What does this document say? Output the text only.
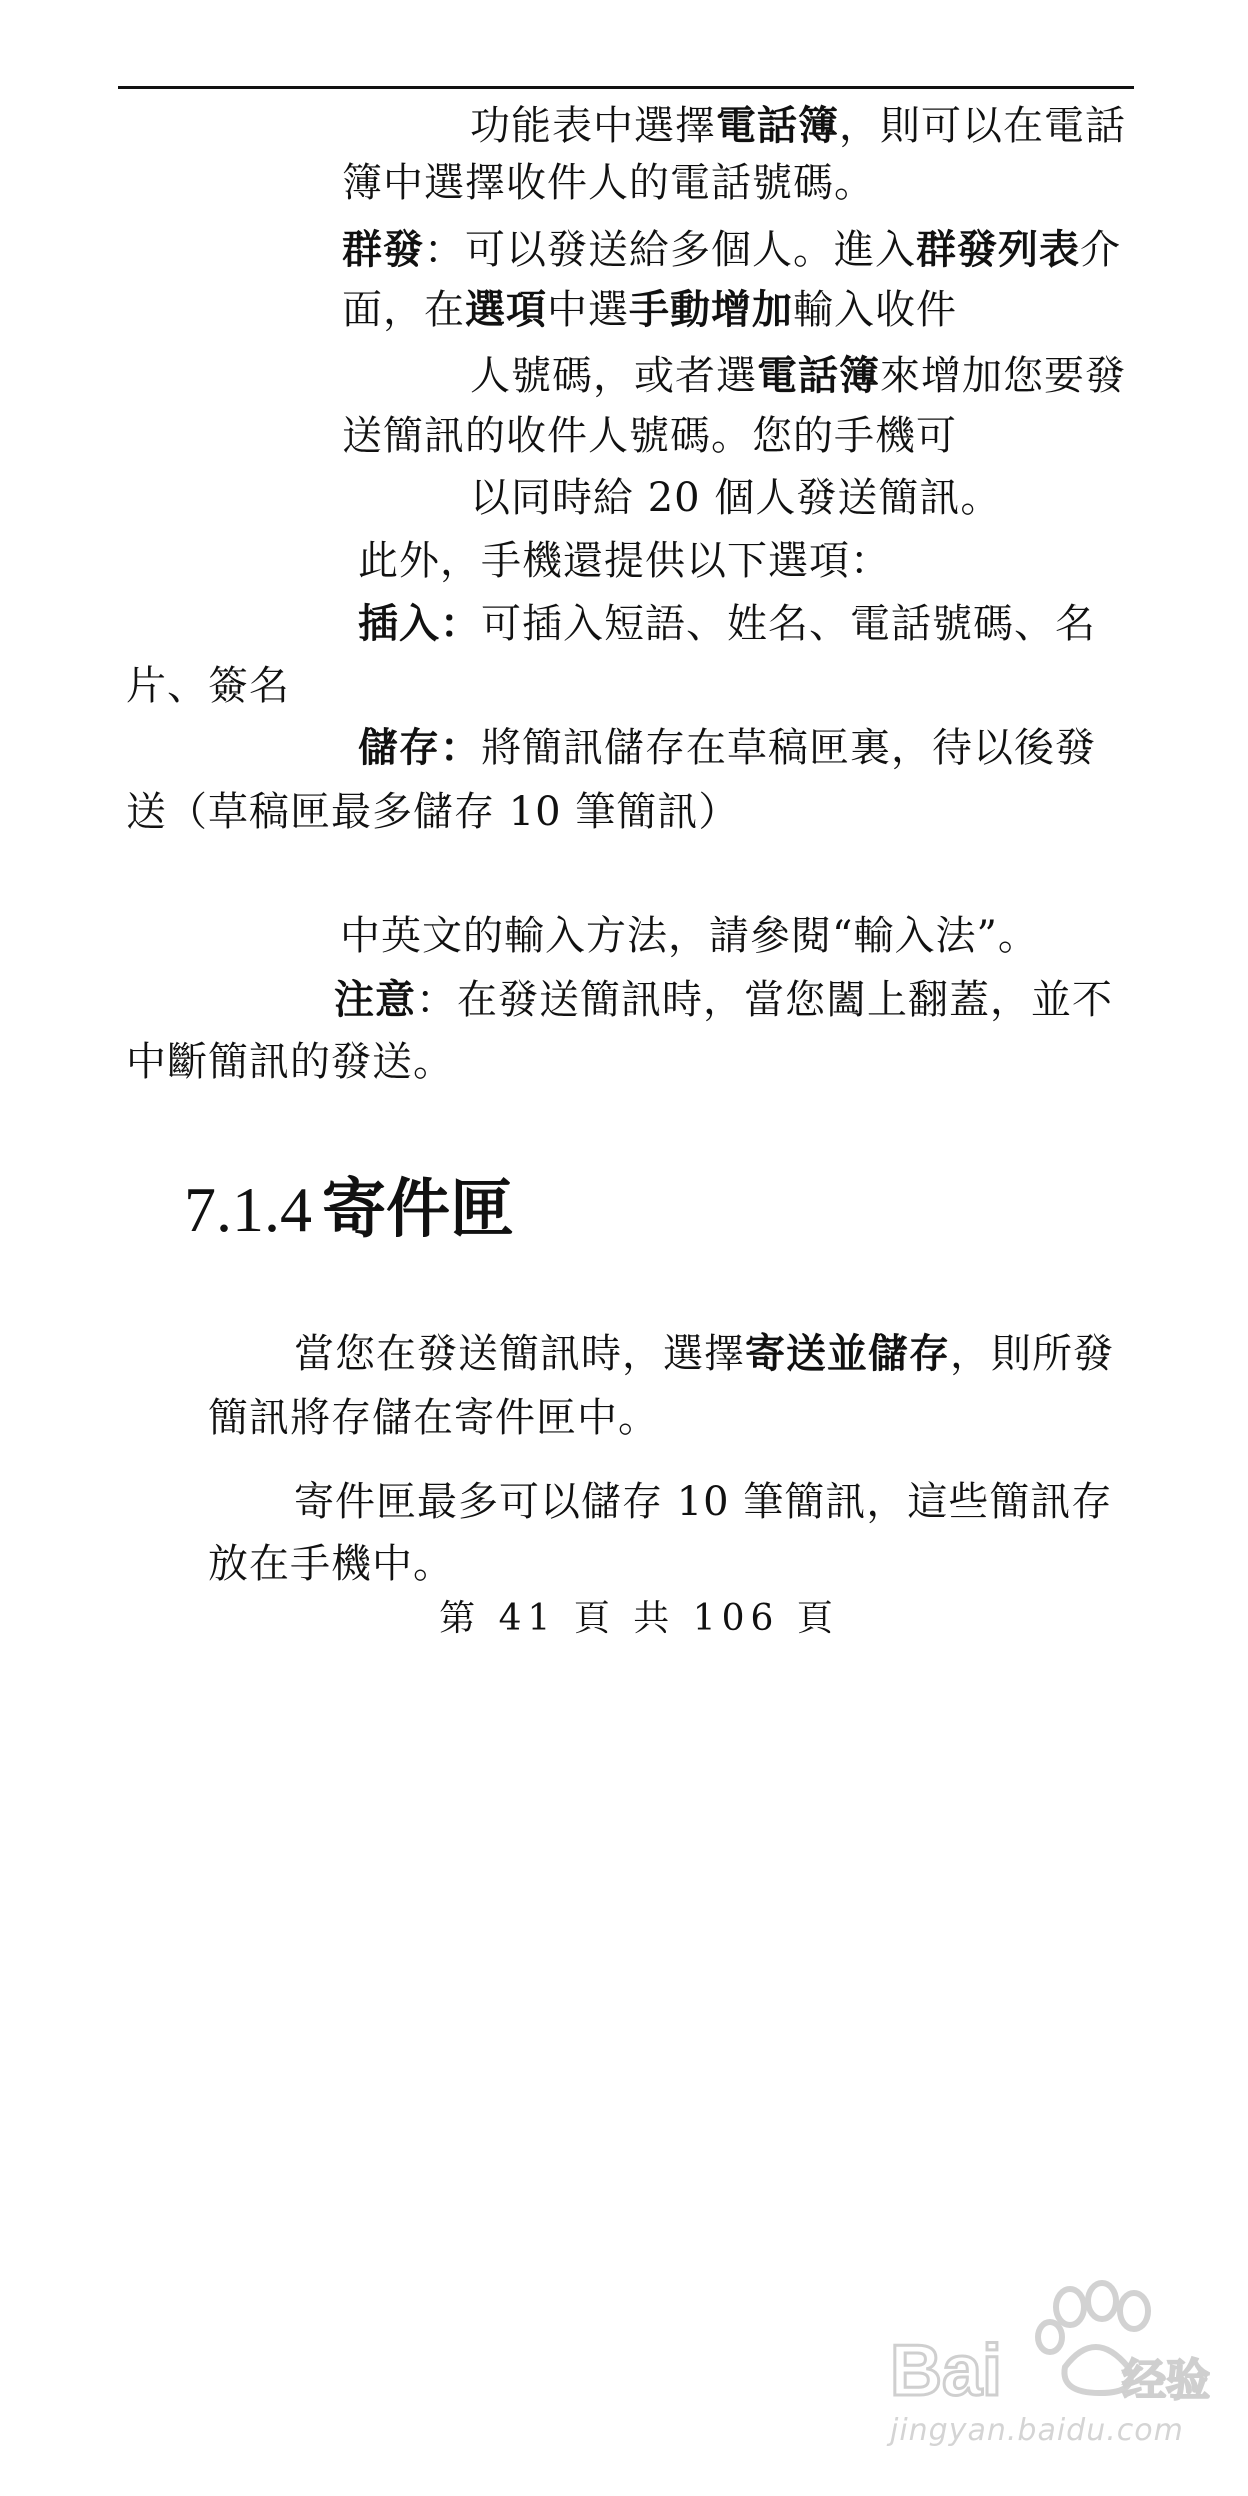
功能表中選擇電話簿，則可以在電話
簿中選擇收件人的電話號碼。
群發：可以發送給多個人。進入群發列表介
面，在選項中選手動增加輸入收件
人號碼，或者選電話簿來增加您要發
送簡訊的收件人號碼。您的手機可
以同時給 20 個人發送簡訊。
此外，手機還提供以下選項：
插入：可插入短語、姓名、電話號碼、名
片、簽名
儲存：將簡訊儲存在草稿匣裏，待以後發
送（草稿匣最多儲存 10 筆簡訊）
中英文的輸入方法，請參閱“輸入法”。
注意：在發送簡訊時，當您闔上翻蓋，並不
中斷簡訊的發送。
7.1.4 寄件匣
當您在發送簡訊時，選擇寄送並儲存，則所發
簡訊將存儲在寄件匣中。
寄件匣最多可以儲存 10 筆簡訊，這些簡訊存
放在手機中。
第 41 頁 共 106 頁
Bai	经验
jingyan.baidu.com
